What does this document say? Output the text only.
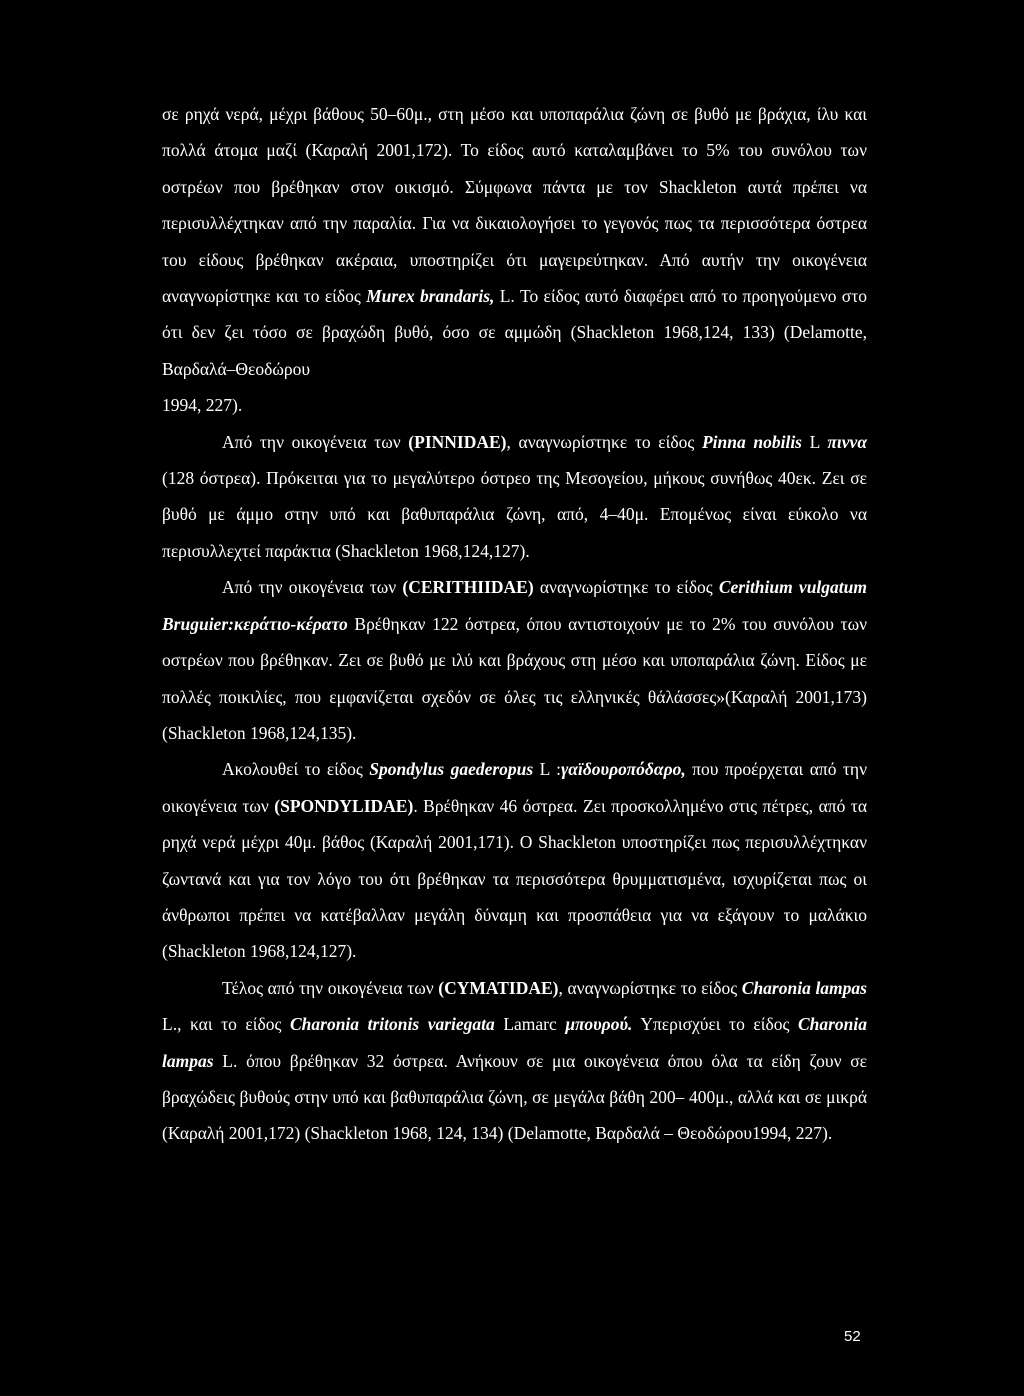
σε ρηχά νερά, μέχρι βάθους 50–60μ., στη μέσο και υποπαράλια ζώνη σε βυθό με βράχια, ίλυ και πολλά άτομα μαζί (Καραλή 2001,172). Το είδος αυτό καταλαμβάνει το 5% του συνόλου των οστρέων που βρέθηκαν στον οικισμό. Σύμφωνα πάντα με τον Shackleton αυτά πρέπει να περισυλλέχτηκαν από την παραλία. Για να δικαιολογήσει το γεγονός πως τα περισσότερα όστρεα του είδους βρέθηκαν ακέραια, υποστηρίζει ότι μαγειρεύτηκαν. Από αυτήν την οικογένεια αναγνωρίστηκε και το είδος Murex brandaris, L. Το είδος αυτό διαφέρει από το προηγούμενο στο ότι δεν ζει τόσο σε βραχώδη βυθό, όσο σε αμμώδη (Shackleton 1968,124, 133) (Delamotte, Βαρδαλά–Θεοδώρου

1994, 227).

Από την οικογένεια των (PINNIDAE), αναγνωρίστηκε το είδος Pinna nobilis L πιννα (128 όστρεα). Πρόκειται για το μεγαλύτερο όστρεο της Μεσογείου, μήκους συνήθως 40εκ. Ζει σε βυθό με άμμο στην υπό και βαθυπαράλια ζώνη, από, 4–40μ. Επομένως είναι εύκολο να περισυλλεχτεί παράκτια (Shackleton 1968,124,127).

Από την οικογένεια των (CERITHIIDAE) αναγνωρίστηκε το είδος Cerithium vulgatum Bruguier:κεράτιο-κέρατο Βρέθηκαν 122 όστρεα, όπου αντιστοιχούν με το 2% του συνόλου των οστρέων που βρέθηκαν. Ζει σε βυθό με ιλύ και βράχους στη μέσο και υποπαράλια ζώνη. Είδος με πολλές ποικιλίες, που εμφανίζεται σχεδόν σε όλες τις ελληνικές θάλάσσες»(Καραλή 2001,173) (Shackleton 1968,124,135).

Ακολουθεί το είδος Spondylus gaederopus L :γαϊδουροπόδαρο, που προέρχεται από την οικογένεια των (SPONDYLIDAE). Βρέθηκαν 46 όστρεα. Ζει προσκολλημένο στις πέτρες, από τα ρηχά νερά μέχρι 40μ. βάθος (Καραλή 2001,171). Ο Shackleton υποστηρίζει πως περισυλλέχτηκαν ζωντανά και για τον λόγο του ότι βρέθηκαν τα περισσότερα θρυμματισμένα, ισχυρίζεται πως οι άνθρωποι πρέπει να κατέβαλλαν μεγάλη δύναμη και προσπάθεια για να εξάγουν το μαλάκιο (Shackleton 1968,124,127).

Τέλος από την οικογένεια των (CYMATIDAE), αναγνωρίστηκε το είδος Charonia lampas L., και το είδος Charonia tritonis variegata Lamarc μπουρού. Υπερισχύει το είδος Charonia lampas L. όπου βρέθηκαν 32 όστρεα. Ανήκουν σε μια οικογένεια όπου όλα τα είδη ζουν σε βραχώδεις βυθούς στην υπό και βαθυπαράλια ζώνη, σε μεγάλα βάθη 200– 400μ., αλλά και σε μικρά (Καραλή 2001,172) (Shackleton 1968, 124, 134) (Delamotte, Βαρδαλά – Θεοδώρου1994, 227).

52
